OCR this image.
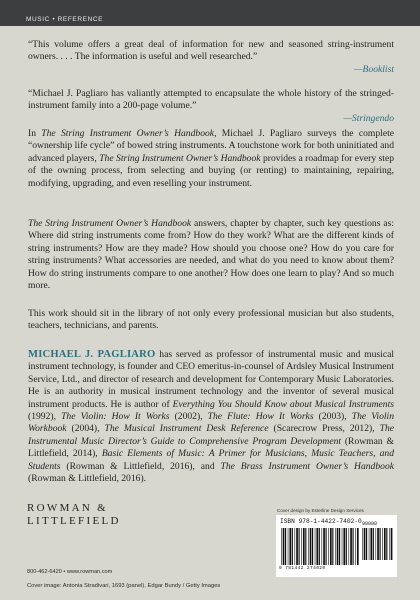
MUSIC • REFERENCE
“This volume offers a great deal of information for new and seasoned string-instrument owners. . . . The information is useful and well researched.”
— Booklist
“Michael J. Pagliaro has valiantly attempted to encapsulate the whole history of the stringed-instrument family into a 200-page volume.”
— Stringendo
In The String Instrument Owner’s Handbook, Michael J. Pagliaro surveys the complete “ownership life cycle” of bowed string instruments. A touchstone work for both uninitiated and advanced players, The String Instrument Owner’s Handbook provides a roadmap for every step of the owning process, from selecting and buying (or renting) to maintaining, repairing, modifying, upgrading, and even reselling your instrument.
The String Instrument Owner’s Handbook answers, chapter by chapter, such key questions as: Where did string instruments come from? How do they work? What are the different kinds of string instruments? How are they made? How should you choose one? How do you care for string instruments? What accessories are needed, and what do you need to know about them? How do string instruments compare to one another? How does one learn to play? And so much more.
This work should sit in the library of not only every professional musician but also students, teachers, technicians, and parents.
MICHAEL J. PAGLIARO has served as professor of instrumental music and musical instrument technology, is founder and CEO emeritus-in-counsel of Ardsley Musical Instrument Service, Ltd., and director of research and development for Contemporary Music Laboratories. He is an authority in musical instrument technology and the inventor of several musical instrument products. He is author of Everything You Should Know about Musical Instruments (1992), The Violin: How It Works (2002), The Flute: How It Works (2003), The Violin Workbook (2004), The Musical Instrument Desk Reference (Scarecrow Press, 2012), The Instrumental Music Director’s Guide to Comprehensive Program Development (Rowman & Littlefield, 2014), Basic Elements of Music: A Primer for Musicians, Music Teachers, and Students (Rowman & Littlefield, 2016), and The Brass Instrument Owner’s Handbook (Rowman & Littlefield, 2016).
ROWMAN &
LITTLEFIELD
800-462-6420 • www.rowman.com
Cover image: Antonia Stradivari, 1693 (panel), Edgar Bundy / Getty Images
Cover design by Esterline Design Services
ISBN 978-1-4422-7402-0 90000
9 781442 274020
